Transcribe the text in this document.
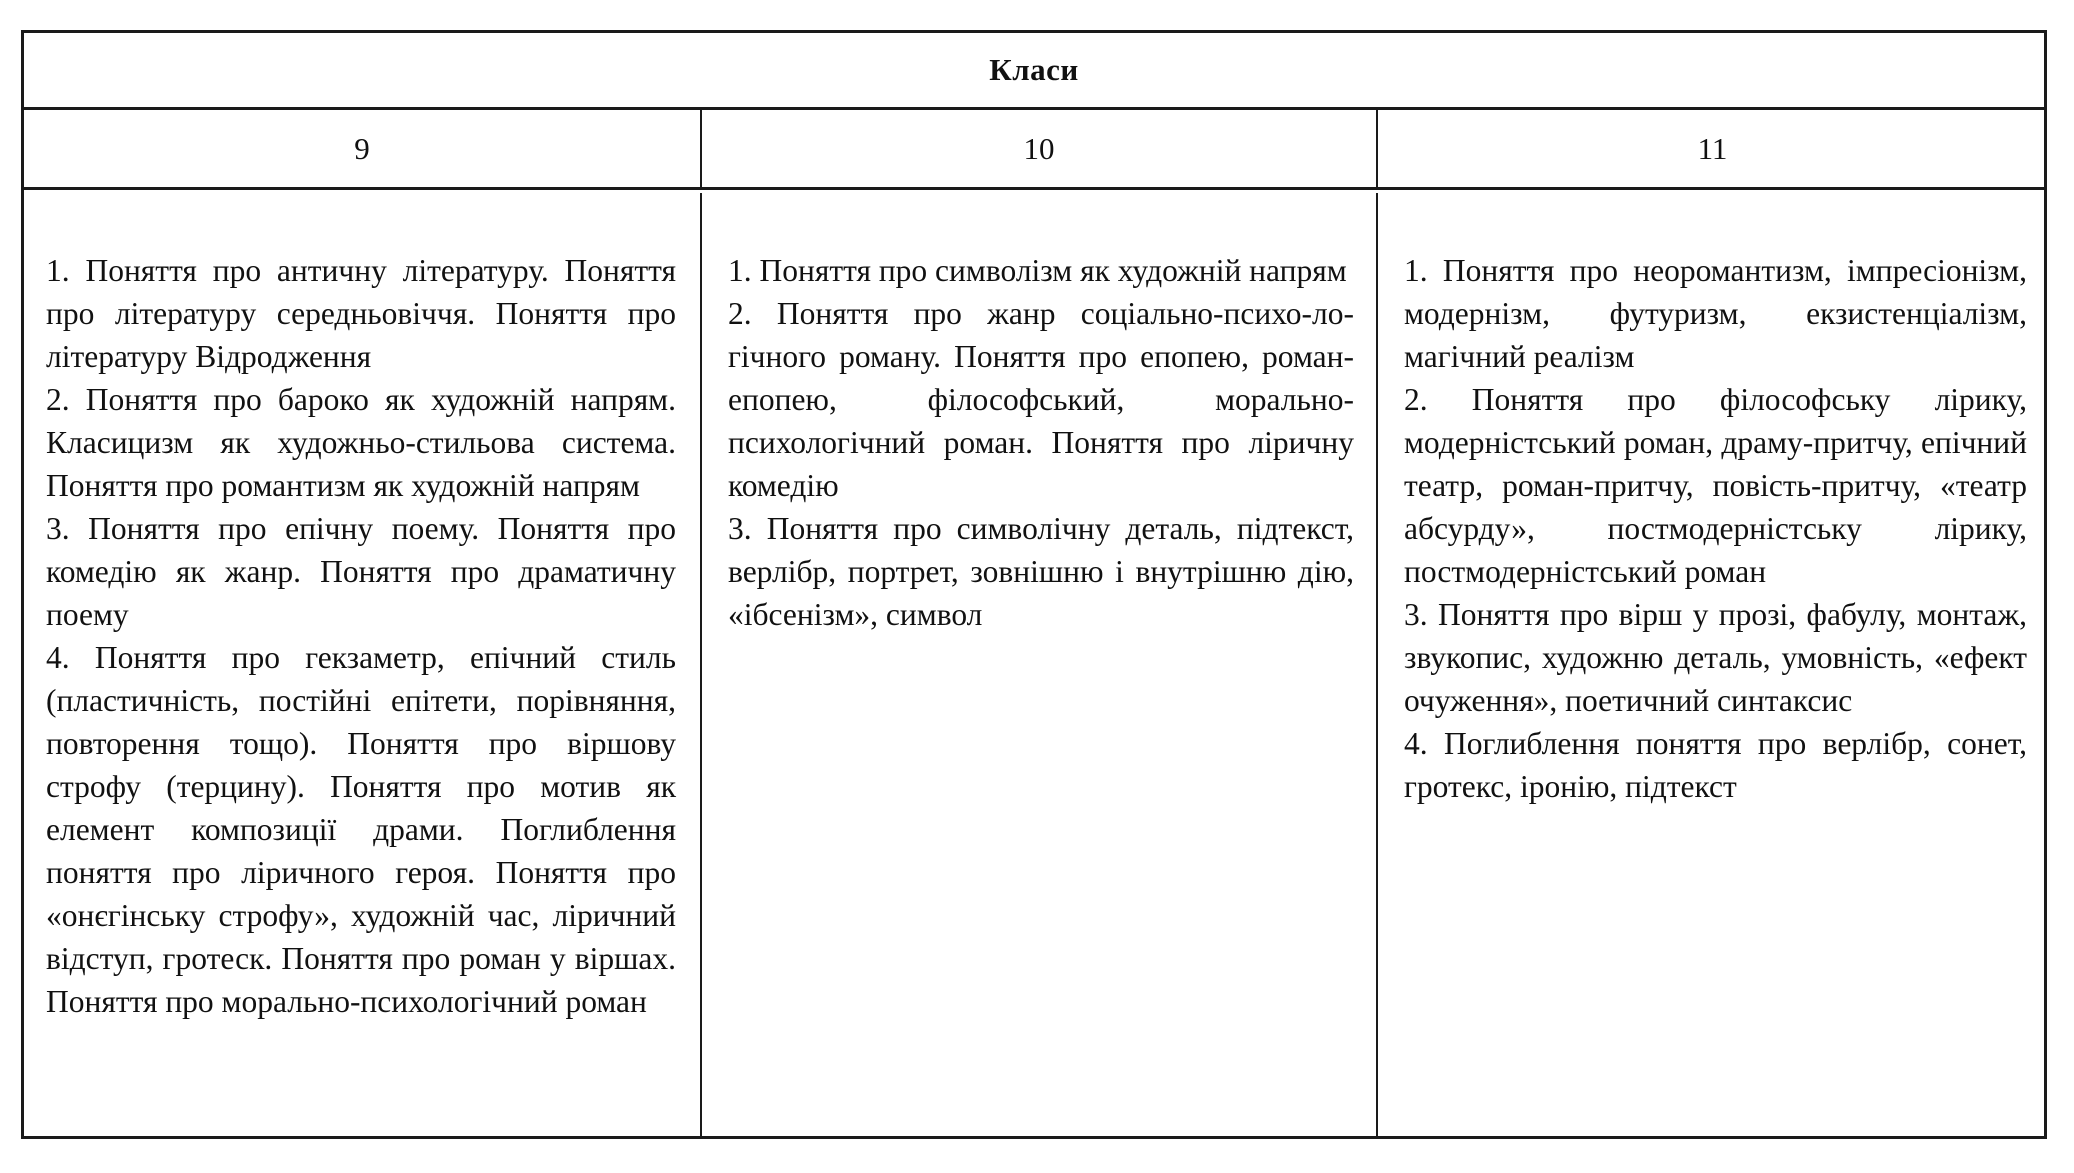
Класи
9	10	11
1. Поняття про античну літературу. Поняття про літературу середньовіччя. Поняття про літературу Відродження
2. Поняття про бароко як художній напрям. Класицизм як художньо-стильова система. Поняття про романтизм як художній напрям
3. Поняття про епічну поему. Поняття про комедію як жанр. Поняття про драматичну поему
4. Поняття про гекзаметр, епічний стиль (пластичність, постійні епітети, порівняння, повторення тощо). Поняття про віршову строфу (терцину). Поняття про мотив як елемент композиції драми. Поглиблення поняття про ліричного героя. Поняття про «онєгінську строфу», художній час, ліричний відступ, гротеск. Поняття про роман у віршах. Поняття про морально-психологічний роман
1. Поняття про символізм як художній напрям
2. Поняття про жанр соціально-психо-ло-гічного роману. Поняття про епопею, роман-епопею, філософський, морально-психологічний роман. Поняття про ліричну комедію
3. Поняття про символічну деталь, підтекст, верлібр, портрет, зовнішню і внутрішню дію, «ібсенізм», символ
1. Поняття про неоромантизм, імпресіонізм, модернізм, футуризм, екзистенціалізм, магічний реалізм
2. Поняття про філософську лірику, модерністський роман, драму-притчу, епічний театр, роман-притчу, повість-притчу, «театр абсурду», постмодерністську лірику, постмодерністський роман
3. Поняття про вірш у прозі, фабулу, монтаж, звукопис, художню деталь, умовність, «ефект очуження», поетичний синтаксис
4. Поглиблення поняття про верлібр, сонет, гротекс, іронію, підтекст
